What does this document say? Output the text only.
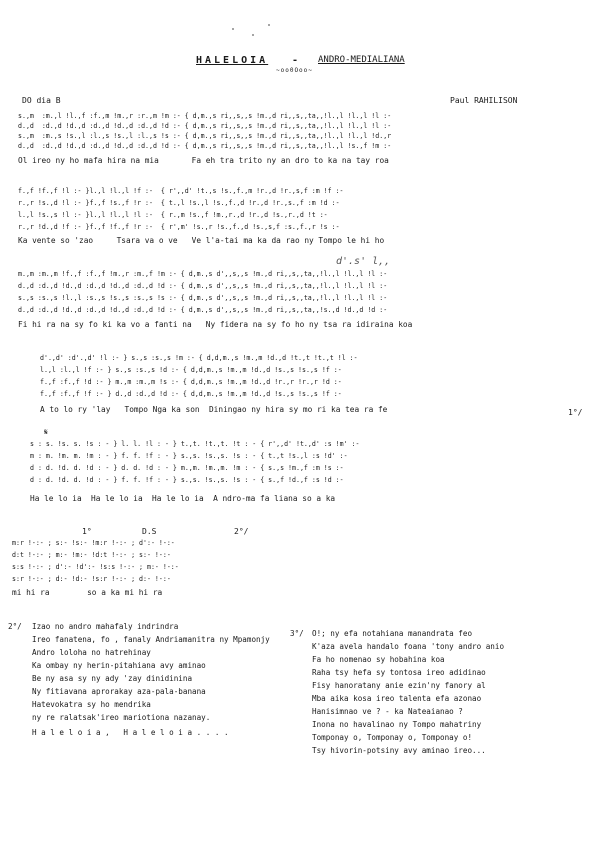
HALELOIA - ANDRO-MEDIALIANA
~oo0Ooo~
DO dia B	Paul RAHILISON
s.,m  :m.,l !l.,f :f.,m !m.,r :r.,m !m :- { d,m.,s ri,,s,,s !m.,d ri,,s,,ta,,!l.,l !l.,l !l :-
d.,d  :d.,d !d.,d :d.,d !d.,d :d.,d !d :- { d,m.,s ri,,s,,s !m.,d ri,,s,,ta,,!l.,l !l.,l !l :-
s.,m  :m.,s !s.,l :l.,s !s.,l :l.,s !s :- { d,m.,s ri,,s,,s !m.,d ri,,s,,ta,,!l.,l !l.,l !d.,r
d.,d  :d.,d !d.,d :d.,d !d.,d :d.,d !d :- { d,m.,s ri,,s,,s !m.,d ri,,s,,ta,,!l.,l !s.,f !m :-
Ol ireo ny ho mafa hira na mia       Fa eh tra trito ny an dro to ka na tay roa
f.,f !f.,f !l :- }l.,l !l.,l !f :-  { r',,d' !t.,s !s.,f.,m !r.,d !r.,s,f :m !f :-
r.,r !s.,d !l :- }f.,f !s.,f !r :-  { t.,l !s.,l !s.,f.,d !r.,d !r.,s.,f :m !d :-
l.,l !s.,s !l :- }l.,l !l.,l !l :-  { r.,m !s.,f !m.,r.,d !r.,d !s.,r.,d !t :-
r.,r !d.,d !f :- }f.,f !f.,f !r :-  { r',m' !s.,r !s.,f.,d !s.,s,f :s.,f.,r !s :-
Ka vente so 'zao     Tsara va o ve   Ve l'a-tai ma ka da rao ny Tompo le hi ho
d'.s' l,,
m.,m :m.,m !f.,f :f.,f !m.,r :m.,f !m :- { d,m.,s d',,s,,s !m.,d ri,,s,,ta,,!l.,l !l.,l !l :-
d.,d :d.,d !d.,d :d.,d !d.,d :d.,d !d :- { d,m.,s d',,s,,s !m.,d ri,,s,,ta,,!l.,l !l.,l !l :-
s.,s :s.,s !l.,l :s.,s !s.,s :s.,s !s :- { d,m.,s d',,s,,s !m.,d ri,,s,,ta,,!l.,l !l.,l !l :-
d.,d :d.,d !d.,d :d.,d !d.,d :d.,d !d :- { d,m.,s d',,s,,s !m.,d ri,,s,,ta,,!s.,d !d.,d !d :-
Fi hi ra na sy fo ki ka vo a fanti na   Ny fidera na sy fo ho ny tsa ra idiraina koa
d'.,d' :d'.,d' !l :- } s.,s :s.,s !m :- { d,d,m.,s !m.,m !d.,d !t.,t !t.,t !l :-
l.,l :l.,l !f :- } s.,s :s.,s !d :- { d,d,m.,s !m.,m !d.,d !s.,s !s.,s !f :-
f.,f :f.,f !d :- } m.,m :m.,m !s :- { d,d,m.,s !m.,m !d.,d !r.,r !r.,r !d :-
f.,f :f.,f !f :- } d.,d :d.,d !d :- { d,d,m.,s !m.,m !d.,d !s.,s !s.,s !f :-
A to lo ry 'lay   Tompo Nga ka son  Diningao ny hira sy mo ri ka tea ra fe
𝄋
1°/
s : s. !s. s. !s : - } l. l. !l : - } t.,t. !t.,t. !t : - { r',,d' !t.,d' :s !m' :-
m : m. !m. m. !m : - } f. f. !f : - } s.,s. !s.,s. !s : - { t.,t !s.,l :s !d' :-
d : d. !d. d. !d : - } d. d. !d : - } m.,m. !m.,m. !m : - { s.,s !m.,f :m !s :-
d : d. !d. d. !d : - } f. f. !f : - } s.,s. !s.,s. !s : - { s.,f !d.,f :s !d :-
Ha le lo ia  Ha le lo ia  Ha le lo ia  A ndro-ma fa liana so a ka
1°	D.S	2°/
m:r !-:- ; s:- !s:- !m:r !-:- ; d':- !-:-
d:t !-:- ; m:- !m:- !d:t !-:- ; s:- !-:-
s:s !-:- ; d':- !d':- !s:s !-:- ; m:- !-:-
s:r !-:- ; d:- !d:- !s:r !-:- ; d:- !-:-
mi hi ra        so a ka mi hi ra
2°/ Izao no andro mahafaly indrindra
Ireo fanatena, fo , fanaly Andriamanitra ny Mpamonjy
Andro loloha no hatrehinay
Ka ombay ny herin-pitahiana avy aminao
Be ny asa sy ny ady 'zay dinidinina
Ny fitiavana aprorakay aza-pala-banana
Hatevokatra sy ho mendrika
ny re ralatsak'ireo mariotiona nazanay.
H a l e l o i a ,   H a l e l o i a . . . .
3°/ O!; ny efa notahiana manandrata feo
K'aza avela handalo foana 'tony andro anio
Fa ho nomenao sy hobahina koa
Raha tsy hefa sy tontosa ireo adidinao
Fisy hanoratany anie ezin'ny fanory al
Mba aika kosa ireo talenta efa azonao
Hanisimnao ve ? - ka Nateaianao ?
Inona no havalinao ny Tompo mahatriny
Tomponay o, Tomponay o, Tomponay o!
Tsy hivorin-potsiny avy aminao ireo...
